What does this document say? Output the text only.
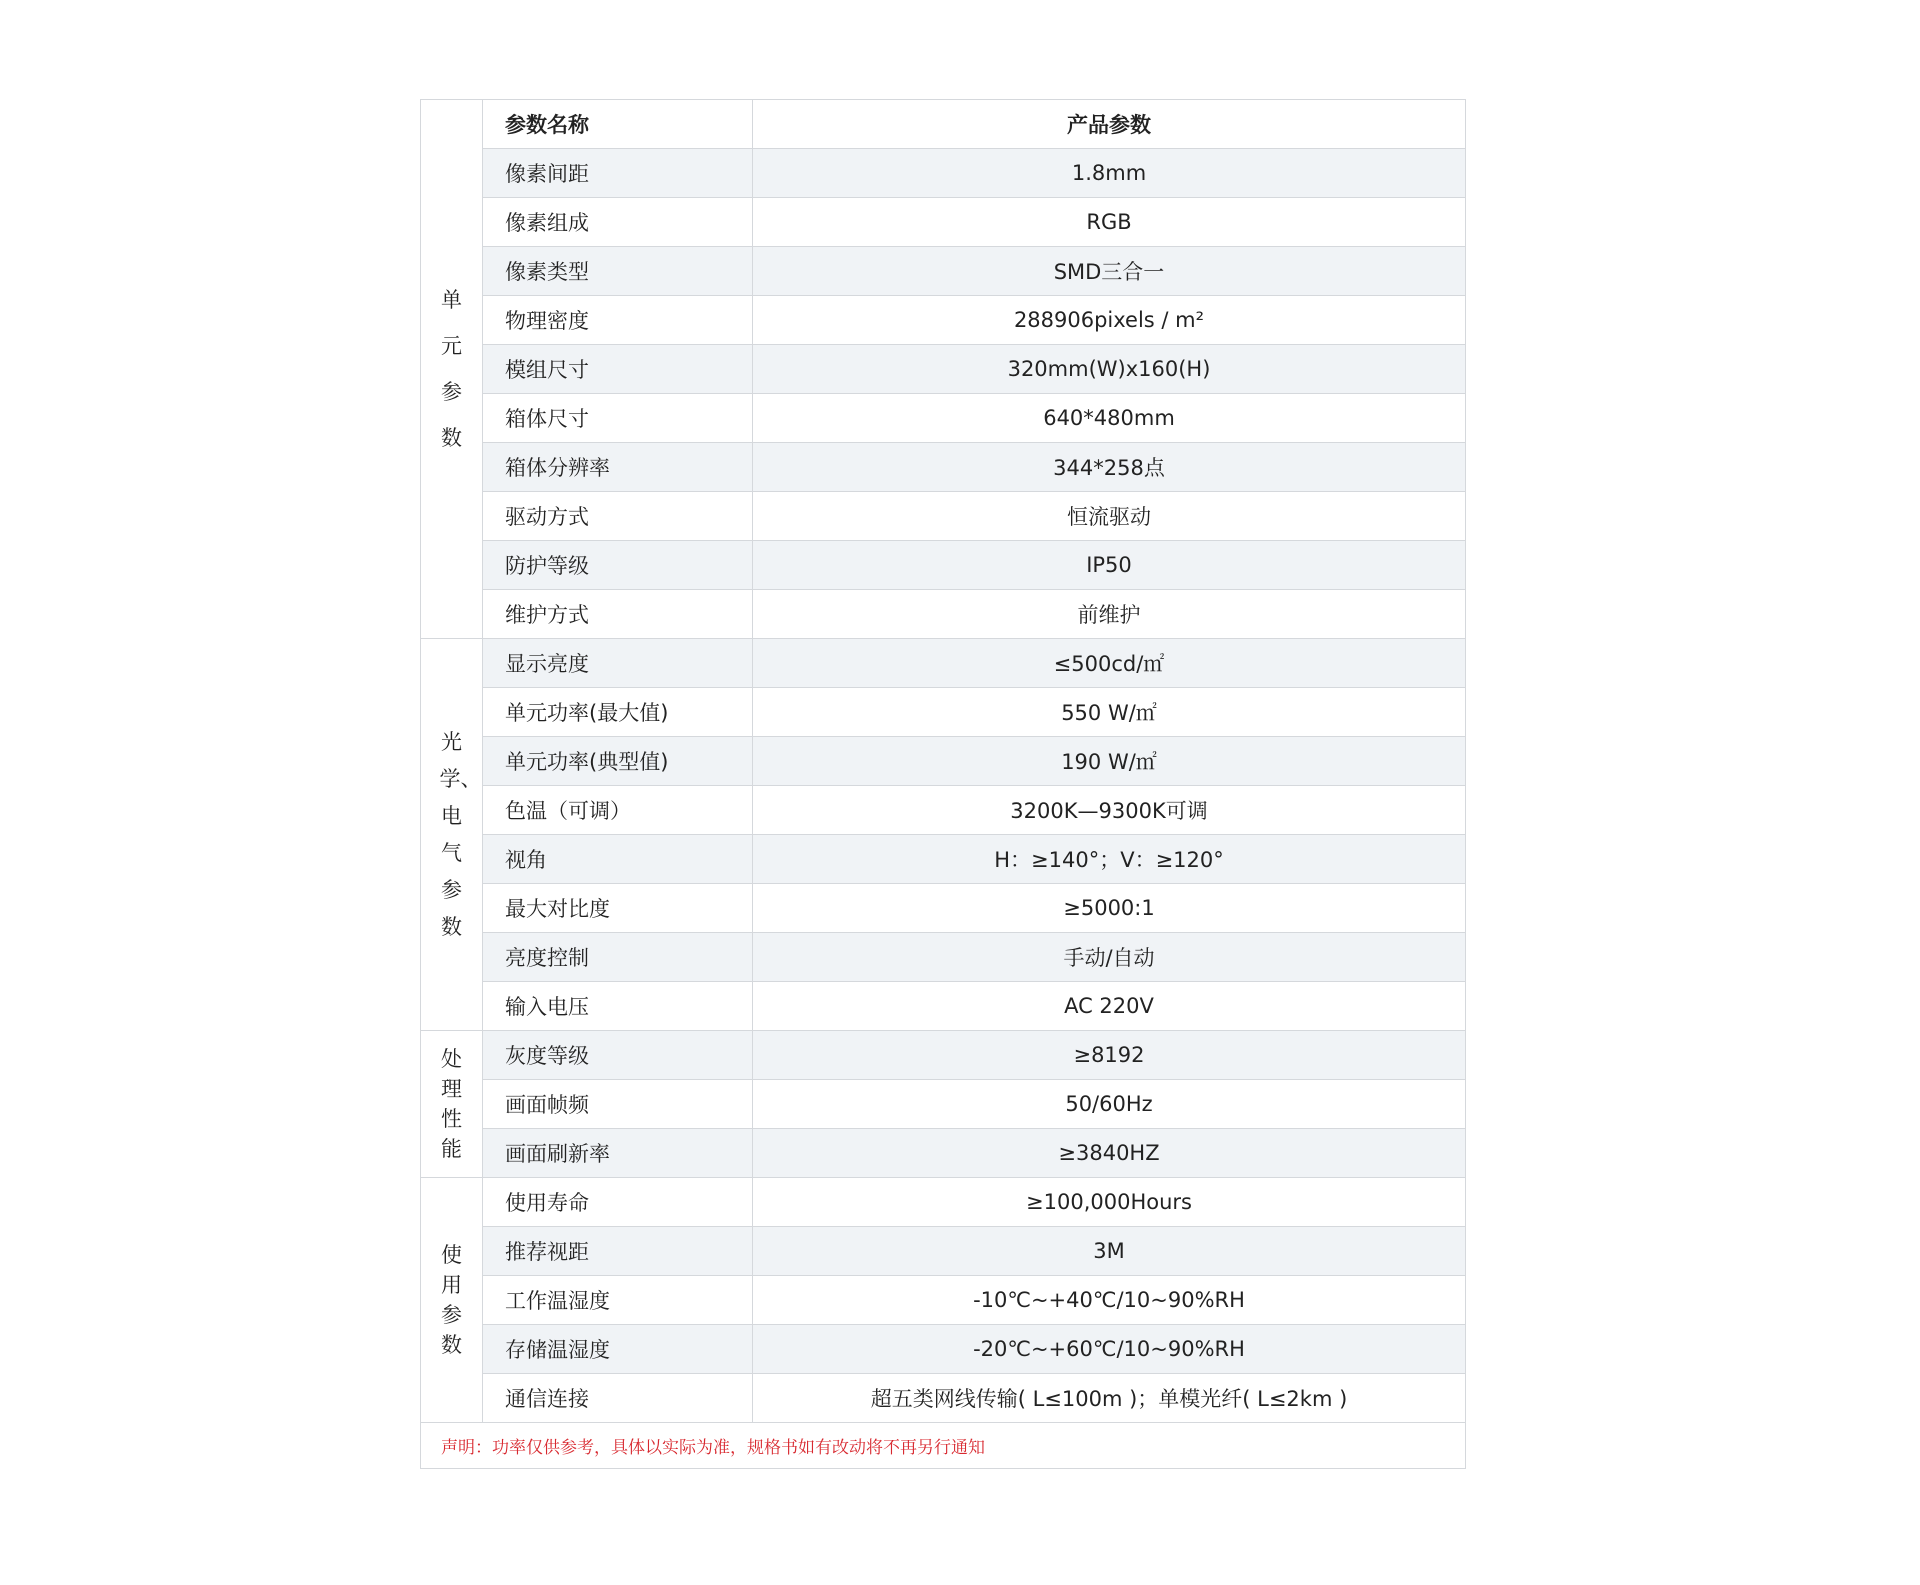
单元参数	参数名称	产品参数
	像素间距	1.8mm
	像素组成	RGB
	像素类型	SMD三合一
	物理密度	288906pixels / m²
	模组尺寸	320mm(W)x160(H)
	箱体尺寸	640*480mm
	箱体分辨率	344*258点
	驱动方式	恒流驱动
	防护等级	IP50
	维护方式	前维护
光学、电气参数	显示亮度	≤500cd/㎡
	单元功率(最大值)	550 W/㎡
	单元功率(典型值)	190 W/㎡
	色温（可调）	3200K—9300K可调
	视角	H：≥140°；V：≥120°
	最大对比度	≥5000:1
	亮度控制	手动/自动
	输入电压	AC 220V
处理性能	灰度等级	≥8192
	画面帧频	50/60Hz
	画面刷新率	≥3840HZ
使用参数	使用寿命	≥100,000Hours
	推荐视距	3M
	工作温湿度	-10℃~+40℃/10~90%RH
	存储温湿度	-20℃~+60℃/10~90%RH
	通信连接	超五类网线传输( L≤100m )；单模光纤( L≤2km )
声明：功率仅供参考，具体以实际为准，规格书如有改动将不再另行通知		
